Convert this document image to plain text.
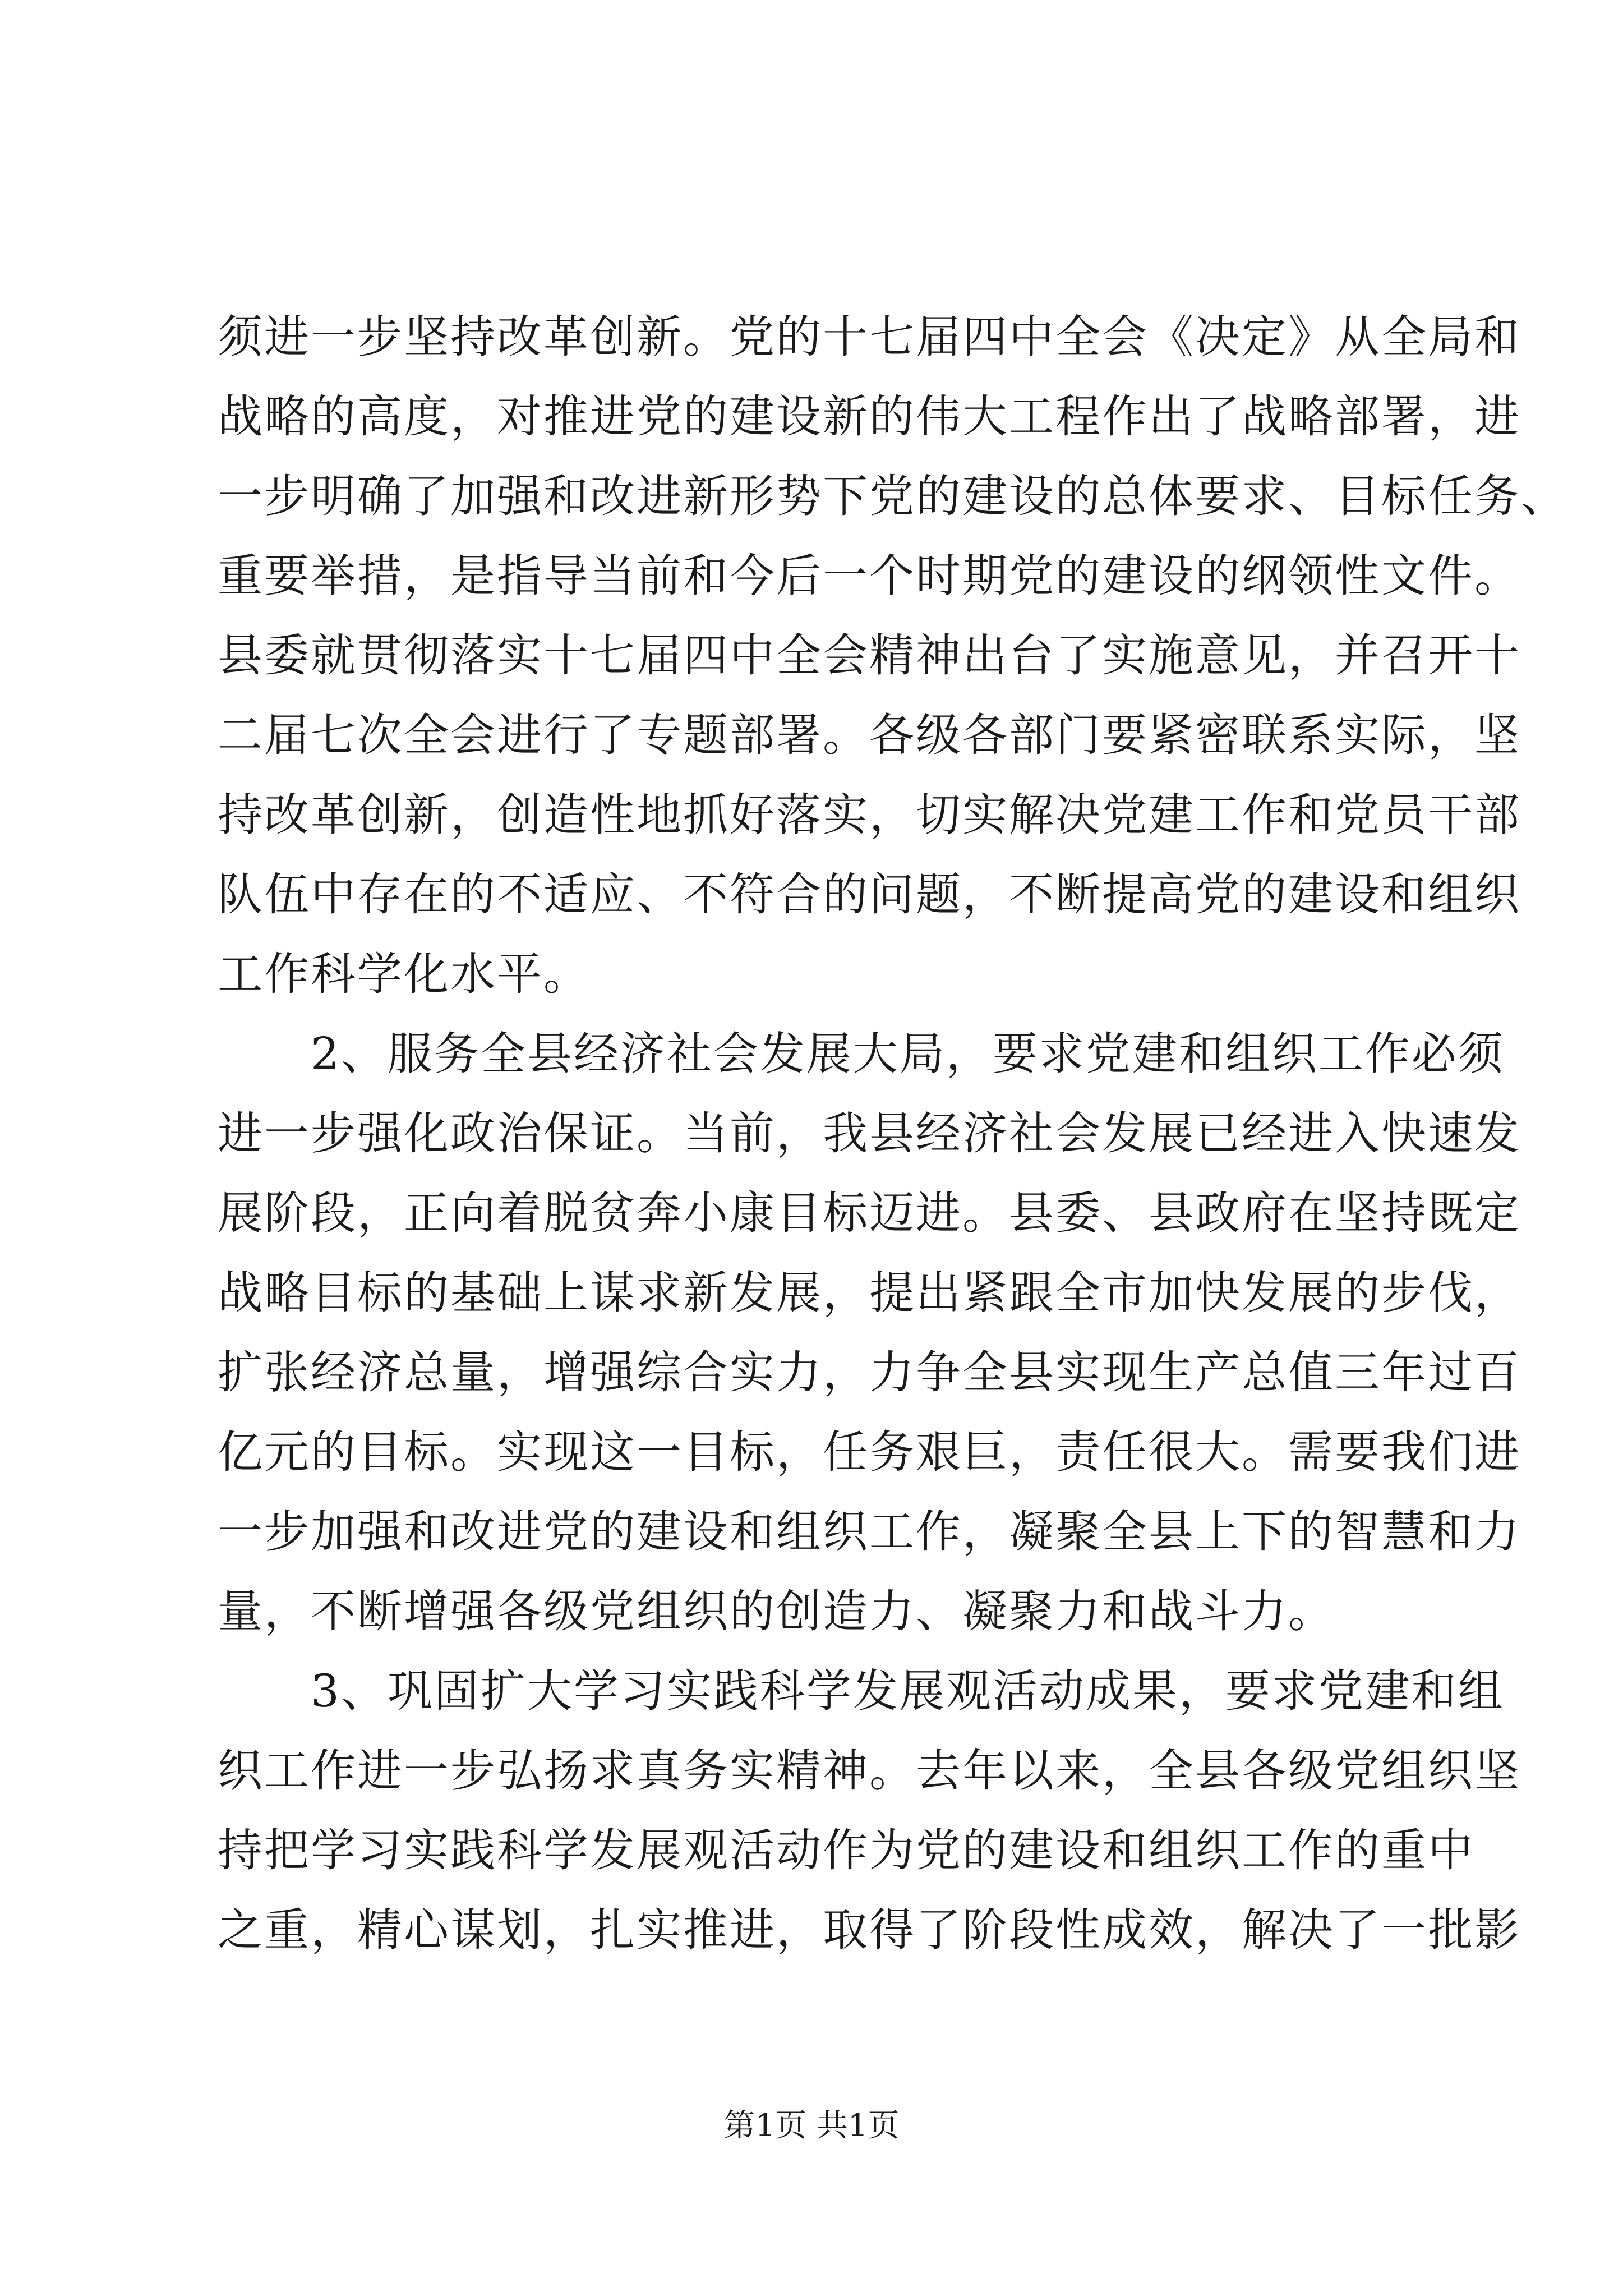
须进一步坚持改革创新。党的十七届四中全会《决定》从全局和
战略的高度，对推进党的建设新的伟大工程作出了战略部署，进
一步明确了加强和改进新形势下党的建设的总体要求、目标任务、
重要举措，是指导当前和今后一个时期党的建设的纲领性文件。
县委就贯彻落实十七届四中全会精神出台了实施意见，并召开十
二届七次全会进行了专题部署。各级各部门要紧密联系实际，坚
持改革创新，创造性地抓好落实，切实解决党建工作和党员干部
队伍中存在的不适应、不符合的问题，不断提高党的建设和组织
工作科学化水平。
　　2、服务全县经济社会发展大局，要求党建和组织工作必须
进一步强化政治保证。当前，我县经济社会发展已经进入快速发
展阶段，正向着脱贫奔小康目标迈进。县委、县政府在坚持既定
战略目标的基础上谋求新发展，提出紧跟全市加快发展的步伐，
扩张经济总量，增强综合实力，力争全县实现生产总值三年过百
亿元的目标。实现这一目标，任务艰巨，责任很大。需要我们进
一步加强和改进党的建设和组织工作，凝聚全县上下的智慧和力
量，不断增强各级党组织的创造力、凝聚力和战斗力。
　　3、巩固扩大学习实践科学发展观活动成果，要求党建和组
织工作进一步弘扬求真务实精神。去年以来，全县各级党组织坚
持把学习实践科学发展观活动作为党的建设和组织工作的重中
之重，精心谋划，扎实推进，取得了阶段性成效，解决了一批影
第1页 共1页
